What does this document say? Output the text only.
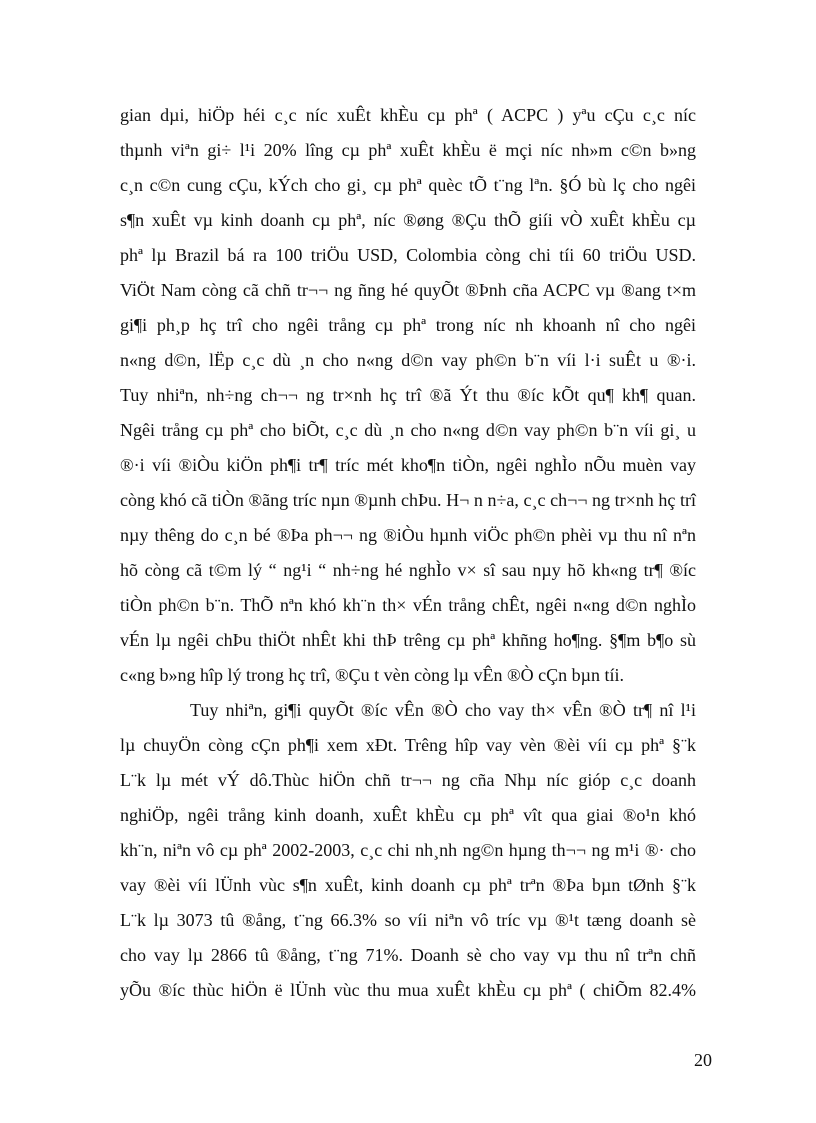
gian dµi, hiÖp héi c¸c níc xuÊt khÈu cµ phª ( ACPC ) yªu cÇu c¸c níc
thµnh viªn gi÷ l¹i 20% lîng cµ phª xuÊt khÈu ë mçi níc nh»m c©n b»ng
c¸n c©n cung cÇu, kÝch cho gi¸ cµ phª quèc tÕ t¨ng lªn. §Ó bù lç cho ngêi
s¶n xuÊt vµ kinh doanh cµ phª, níc ®øng ®Çu thÕ giíi vÒ xuÊt khÈu cµ
phª lµ Brazil bá ra 100 triÖu USD, Colombia còng chi tíi 60 triÖu USD.
ViÖt Nam còng cã chñ tr¬¬ ng ñng hé quyÕt ®Þnh cña ACPC vµ ®ang t×m
gi¶i ph¸p hç trî cho ngêi trång cµ phª trong níc nh khoanh nî cho ngêi
n«ng d©n, lËp c¸c dù ¸n cho n«ng d©n vay ph©n b¨n víi l·i suÊt u ®·i.
Tuy nhiªn, nh÷ng ch¬¬ ng tr×nh hç trî ®ã Ýt thu ®íc kÕt qu¶ kh¶ quan.
Ngêi trång cµ phª cho biÕt, c¸c dù ¸n cho n«ng d©n vay ph©n b¨n víi gi¸ u
®·i víi ®iÒu kiÖn ph¶i tr¶ tríc mét kho¶n tiÒn, ngêi nghÌo nÕu muèn vay
còng khó cã tiÒn ®ãng tríc nµn ®µnh chÞu. H¬ n n÷a, c¸c ch¬¬ ng tr×nh hç trî
nµy thêng do c¸n bé ®Þa ph¬¬ ng ®iÒu hµnh viÖc ph©n phèi vµ thu nî nªn
hõ còng cã t©m lý “ ng¹i “ nh÷ng hé nghÌo v× sî sau nµy hõ kh«ng tr¶ ®íc
tiÒn ph©n b¨n. ThÕ nªn khó kh¨n th× vÉn trång chÊt, ngêi n«ng d©n nghÌo
vÉn lµ ngêi chÞu thiÖt nhÊt khi thÞ trêng cµ phª khñng ho¶ng. §¶m b¶o sù
c«ng b»ng hîp lý trong hç trî, ®Çu t vèn còng lµ vÊn ®Ò cÇn bµn tíi.
Tuy nhiªn, gi¶i quyÕt ®íc vÊn ®Ò cho vay th× vÊn ®Ò tr¶ nî l¹i
lµ chuyÖn còng cÇn ph¶i xem xÐt. Trêng hîp vay vèn ®èi víi cµ phª §¨k
L¨k lµ mét vÝ dô.Thùc hiÖn chñ tr¬¬ ng cña Nhµ níc gióp c¸c doanh
nghiÖp, ngêi trång kinh doanh, xuÊt khÈu cµ phª vît qua giai ®o¹n khó
kh¨n, niªn vô cµ phª 2002-2003, c¸c chi nh¸nh ng©n hµng th¬¬ ng m¹i ®· cho
vay ®èi víi lÜnh vùc s¶n xuÊt, kinh doanh cµ phª trªn ®Þa bµn tØnh §¨k
L¨k lµ 3073 tû ®ång, t¨ng 66.3% so víi niªn vô tríc vµ ®¹t tæng doanh sè
cho vay lµ 2866 tû ®ång, t¨ng 71%. Doanh sè cho vay vµ thu nî trªn chñ
yÕu ®íc thùc hiÖn ë lÜnh vùc thu mua xuÊt khÈu cµ phª ( chiÕm 82.4%
20
